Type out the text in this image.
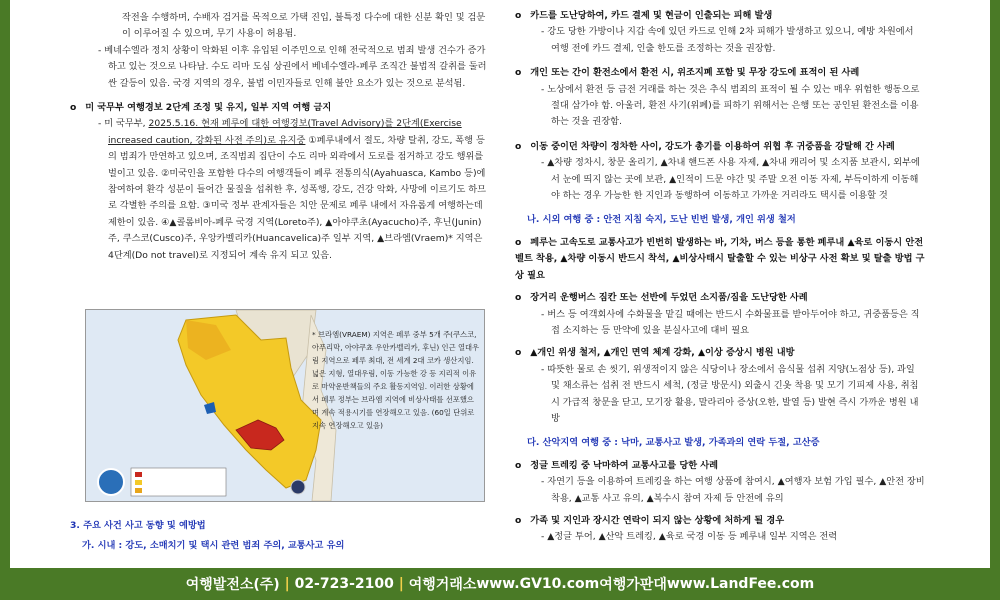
작전을 수행하며, 수배자 검거를 목적으로 가택 진입, 불특정 다수에 대한 신분 확인 및 검문이 이루어질 수 있으며, 무기 사용이 허용됨.

- 베네수엘라 정치 상황이 악화된 이후 유입된 이주민으로 인해 전국적으로 범죄 발생 건수가 증가하고 있는 것으로 나타남. 수도 리마 도심 상권에서 베네수엘라-페루 조직간 불법적 갈취를 둘러싼 갈등이 있음. 국경 지역의 경우, 불법 이민자들로 인해 불안 요소가 있는 것으로 분석됨.

o 미 국무부 여행경보 2단계 조정 및 유지, 일부 지역 여행 금지

- 미 국무부, 2025.5.16. 현재 페루에 대한 여행경보(Travel Advisory)를 2단계(Exercise increased caution, 강화된 사전 주의)로 유지중 ①페루내에서 절도, 차량 탈취, 강도, 폭행 등의 범죄가 만연하고 있으며, 조직범죄 집단이 수도 리마 외곽에서 도로를 점거하고 강도 행위를 벌이고 있음. ②미국인을 포함한 다수의 여행객들이 페루 전통의식(Ayahuasca, Kambo 등)에 참여하여 환각 성분이 들어간 물질을 섭취한 후, 성폭행, 강도, 건강 악화, 사망에 이르기도 하므로 각별한 주의를 요함. ③미국 정부 관계자들은 치안 문제로 페루 내에서 자유롭게 여행하는데 제한이 있음. ④▲콜롬비아-페루 국경 지역(Loreto주), ▲아야쿠초(Ayacucho)주, 후닌(Junin)주, 쿠스코(Cusco)주, 우앙카벨리카(Huancavelica)주 일부 지역, ▲브라엠(Vraem)* 지역은 4단계(Do not travel)로 지정되어 계속 유지 되고 있음.

* 브라엠(VRAEM) 지역은 페루 중부 5개 주(쿠스코, 아푸리막, 아야쿠쵸 우안카벨리카, 후닌) 인근 열대우림 지역으로 페루 최대, 전 세계 2대 코카 생산지임. 넓은 지형, 열대우림, 이동 가능한 강 등 지리적 이유로 마약운반책들의 주요 활동지역임. 이러한 상황에서 페루 정부는 브라엠 지역에 비상사태를 선포했으며 계속 적용시기를 연장해오고 있음. (60일 단위로 지속 연장해오고 있음)

3. 주요 사건 사고 동향 및 예방법

가. 시내 : 강도, 소매치기 및 택시 관련 범죄 주의, 교통사고 유의

o 카드를 도난당하여, 카드 결제 및 현금이 인출되는 피해 발생

- 강도 당한 가방이나 지갑 속에 있던 카드로 인해 2차 피해가 발생하고 있으니, 예방 차원에서 여행 전에 카드 결제, 인출 한도를 조정하는 것을 권장함.

o 개인 또는 간이 환전소에서 환전 시, 위조지폐 포함 및 무장 강도에 표적이 된 사례

- 노상에서 환전 등 금전 거래를 하는 것은 추식 범죄의 표적이 될 수 있는 매우 위험한 행동으로 절대 삼가야 함. 아울러, 환전 사기(위폐)를 피하기 위해서는 은행 또는 공인된 환전소를 이용하는 것을 권장함.

o 이동 중이던 차량이 정차한 사이, 강도가 총기를 이용하여 위협 후 귀중품을 강탈해 간 사례

- ▲차량 정차시, 창문 올리기, ▲차내 핸드폰 사용 자제, ▲차내 캐리어 및 소지품 보관시, 외부에서 눈에 띄지 않는 곳에 보관, ▲인적이 드문 야간 및 주말 오전 이동 자제, 부득이하게 이동해야 하는 경우 가능한 한 지인과 동행하여 이동하고 가까운 거리라도 택시를 이용할 것

나. 시외 여행 중 : 안전 지침 숙지, 도난 빈번 발생, 개인 위생 철저

o 페루는 고속도로 교통사고가 빈번히 발생하는 바, 기차, 버스 등을 통한 페루내 ▲육로 이동시 안전 벨트 착용, ▲차량 이동시 반드시 착석, ▲비상사태시 탈출할 수 있는 비상구 사전 확보 및 탈출 방법 구상 필요

o 장거리 운행버스 짐칸 또는 선반에 두었던 소지품/짐을 도난당한 사례

- 버스 등 여객회사에 수화물을 맡길 때에는 반드시 수화물표를 받아두어야 하고, 귀중품등은 직접 소지하는 등 만약에 있을 분실사고에 대비 필요

o ▲개인 위생 철저, ▲개인 면역 체계 강화, ▲이상 증상시 병원 내방

- 따뜻한 물로 손 씻기, 위생적이지 않은 식당이나 장소에서 음식물 섭취 지양(노점상 등), 과일 및 채소류는 섭취 전 반드시 세척, (정글 방문시) 외출시 긴옷 착용 및 모기 기피제 사용, 취침시 가급적 창문을 닫고, 모기장 활용, 말라리아 증상(오한, 발열 등) 발현 즉시 가까운 병원 내방

다. 산악지역 여행 중 : 낙마, 교통사고 발생, 가족과의 연락 두절, 고산증

o 정글 트레킹 중 낙마하여 교통사고를 당한 사례

- 자연기 등을 이용하여 트레킹을 하는 여행 상품에 참여시, ▲여행자 보험 가입 필수, ▲안전 장비 착용, ▲교통 사고 유의, ▲복수시 참여 자제 등 안전에 유의

o 가족 및 지인과 장시간 연락이 되지 않는 상황에 처하게 될 경우

- ▲정글 투어, ▲산악 트레킹, ▲육로 국경 이동 등 페루내 일부 지역은 전력

여행발전소(주) | 02-723-2100 | 여행거래소 www.GV10.com 여행가판대 www.LandFee.com
